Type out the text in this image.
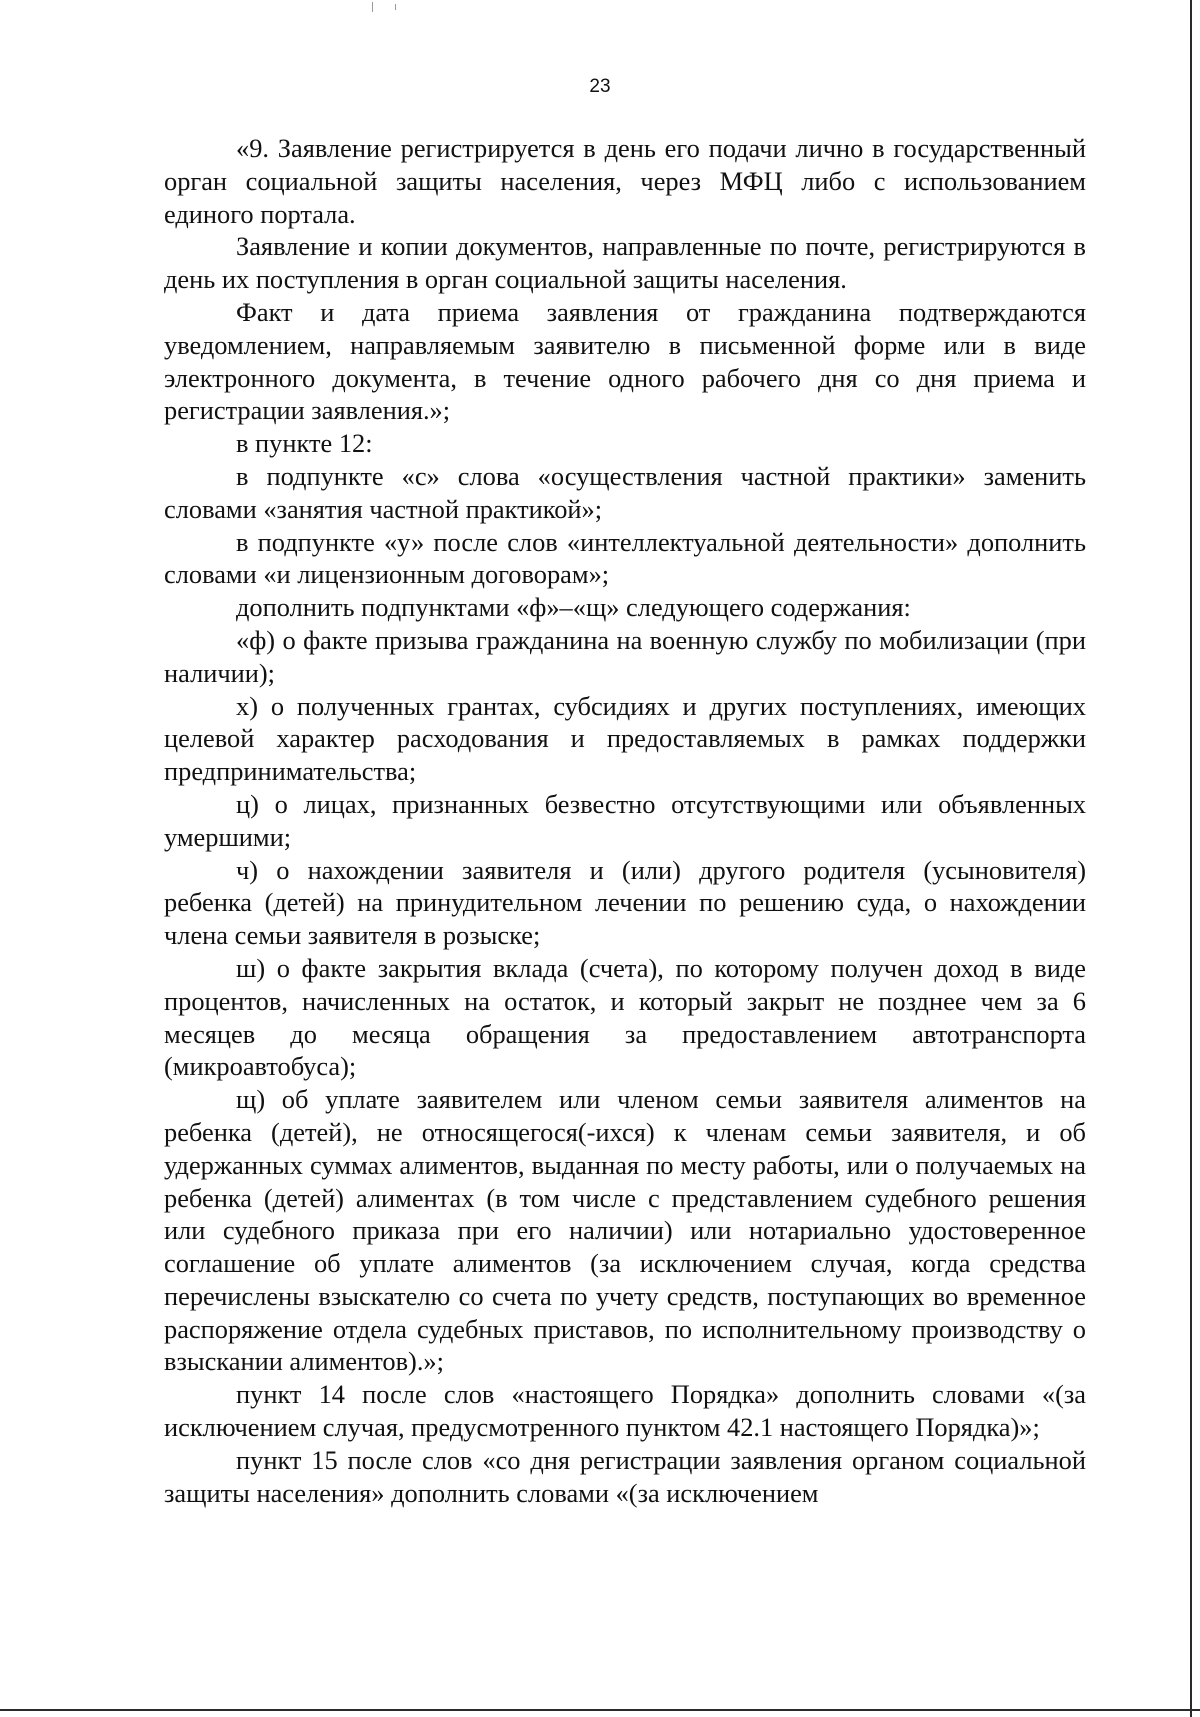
23

«9. Заявление регистрируется в день его подачи лично в государственный орган социальной защиты населения, через МФЦ либо с использованием единого портала.

Заявление и копии документов, направленные по почте, регистрируются в день их поступления в орган социальной защиты населения.

Факт и дата приема заявления от гражданина подтверждаются уведомлением, направляемым заявителю в письменной форме или в виде электронного документа, в течение одного рабочего дня со дня приема и регистрации заявления.»;

в пункте 12:

в подпункте «с» слова «осуществления частной практики» заменить словами «занятия частной практикой»;

в подпункте «у» после слов «интеллектуальной деятельности» дополнить словами «и лицензионным договорам»;

дополнить подпунктами «ф»–«щ» следующего содержания:

«ф) о факте призыва гражданина на военную службу по мобилизации (при наличии);

х) о полученных грантах, субсидиях и других поступлениях, имеющих целевой характер расходования и предоставляемых в рамках поддержки предпринимательства;

ц) о лицах, признанных безвестно отсутствующими или объявленных умершими;

ч) о нахождении заявителя и (или) другого родителя (усыновителя) ребенка (детей) на принудительном лечении по решению суда, о нахождении члена семьи заявителя в розыске;

ш) о факте закрытия вклада (счета), по которому получен доход в виде процентов, начисленных на остаток, и который закрыт не позднее чем за 6 месяцев до месяца обращения за предоставлением автотранспорта (микроавтобуса);

щ) об уплате заявителем или членом семьи заявителя алиментов на ребенка (детей), не относящегося(-ихся) к членам семьи заявителя, и об удержанных суммах алиментов, выданная по месту работы, или о получаемых на ребенка (детей) алиментах (в том числе с представлением судебного решения или судебного приказа при его наличии) или нотариально удостоверенное соглашение об уплате алиментов (за исключением случая, когда средства перечислены взыскателю со счета по учету средств, поступающих во временное распоряжение отдела судебных приставов, по исполнительному производству о взыскании алиментов).»;

пункт 14 после слов «настоящего Порядка» дополнить словами «(за исключением случая, предусмотренного пунктом 42.1 настоящего Порядка)»;

пункт 15 после слов «со дня регистрации заявления органом социальной защиты населения» дополнить словами «(за исключением
